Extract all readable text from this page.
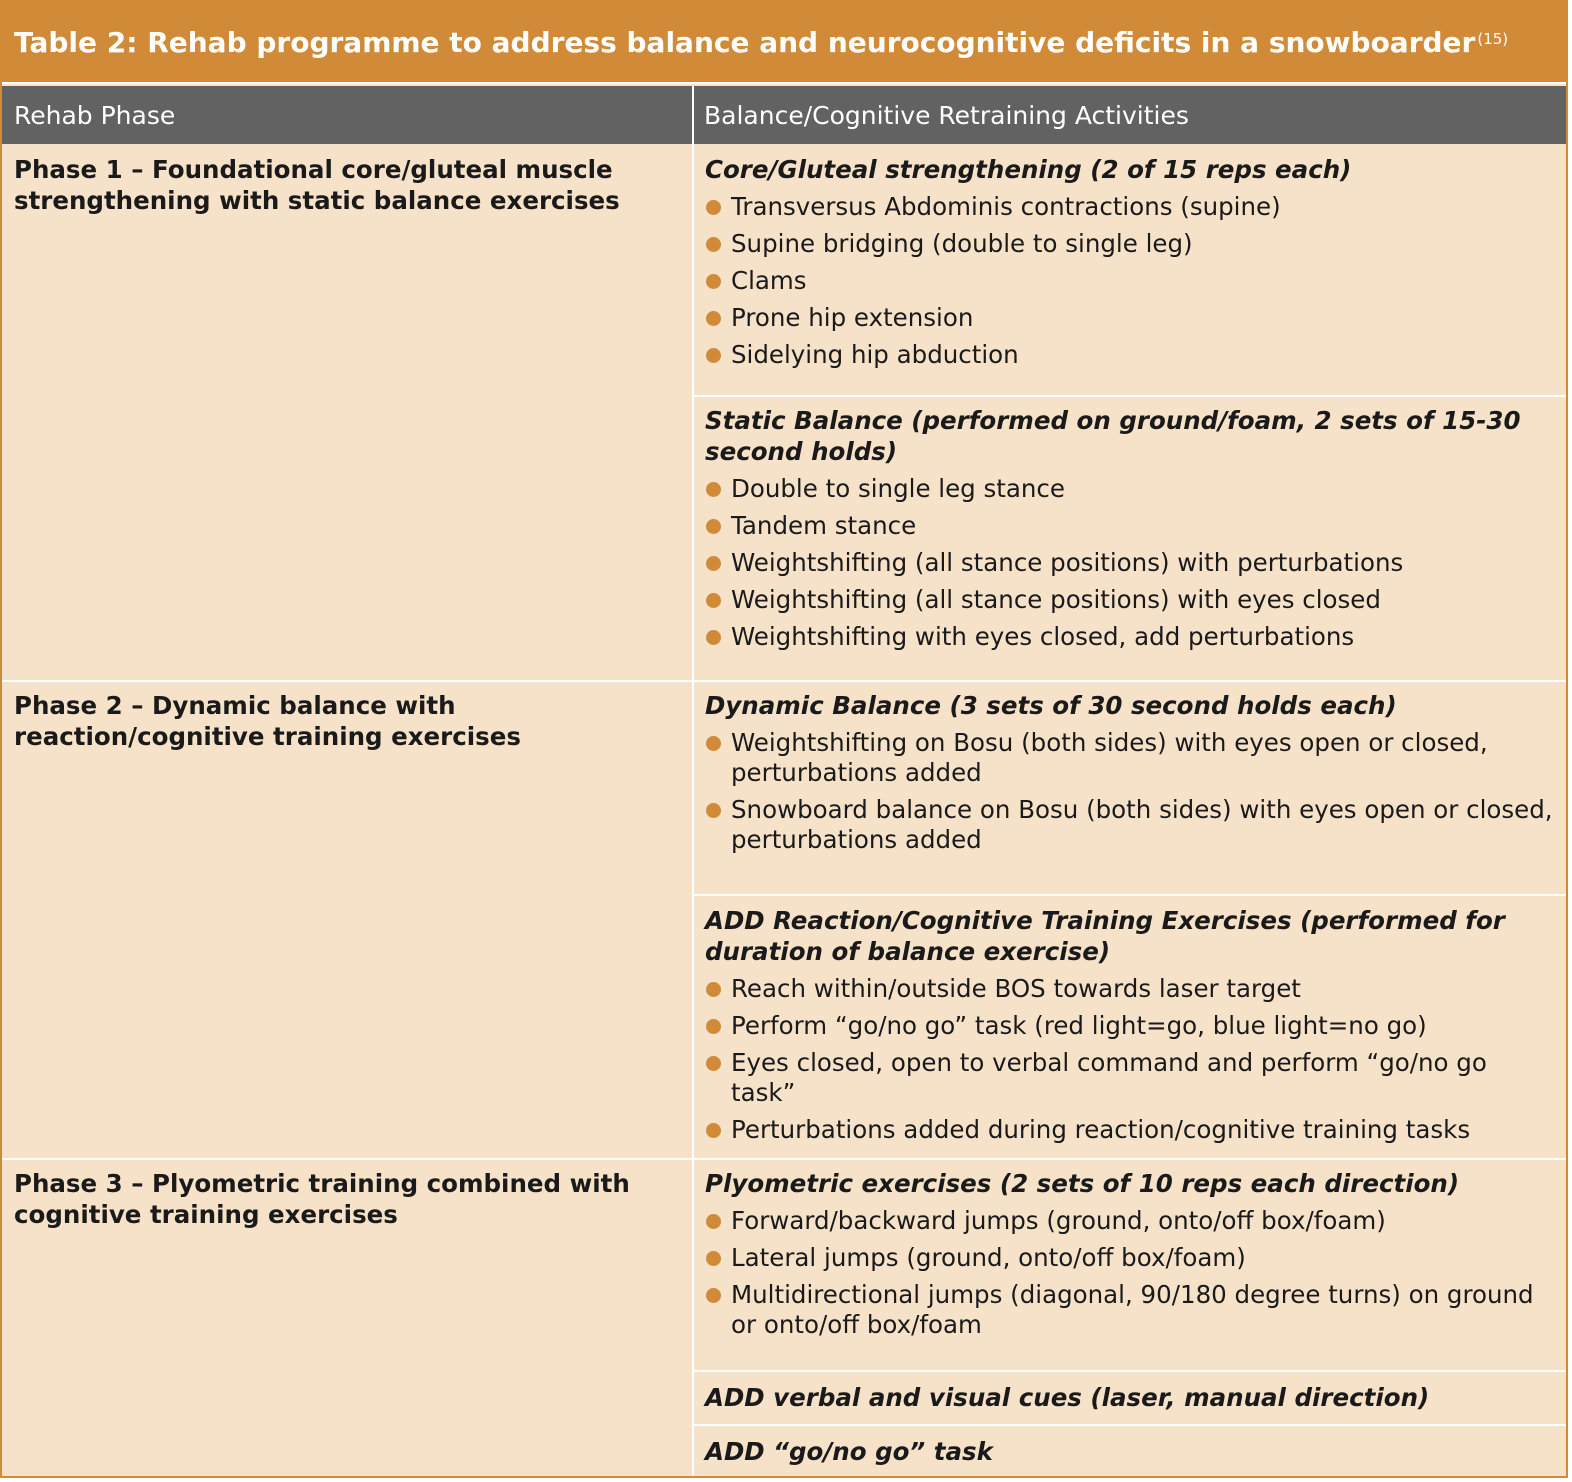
Table 2: Rehab programme to address balance and neurocognitive deficits in a snowboarder$^{(15)}$
Rehab Phase	Balance/Cognitive Retraining Activities
Phase 1 – Foundational core/gluteal muscle strengthening with static balance exercises
Core/Gluteal strengthening (2 of 15 reps each)
Transversus Abdominis contractions (supine)
Supine bridging (double to single leg)
Clams
Prone hip extension
Sidelying hip abduction
Static Balance (performed on ground/foam, 2 sets of 15-30 second holds)
Double to single leg stance
Tandem stance
Weightshifting (all stance positions) with perturbations
Weightshifting (all stance positions) with eyes closed
Weightshifting with eyes closed, add perturbations
Phase 2 – Dynamic balance with reaction/cognitive training exercises
Dynamic Balance (3 sets of 30 second holds each)
Weightshifting on Bosu (both sides) with eyes open or closed, perturbations added
Snowboard balance on Bosu (both sides) with eyes open or closed, perturbations added
ADD Reaction/Cognitive Training Exercises (performed for duration of balance exercise)
Reach within/outside BOS towards laser target
Perform “go/no go” task (red light=go, blue light=no go)
Eyes closed, open to verbal command and perform “go/no go task”
Perturbations added during reaction/cognitive training tasks
Phase 3 – Plyometric training combined with cognitive training exercises
Plyometric exercises (2 sets of 10 reps each direction)
Forward/backward jumps (ground, onto/off box/foam)
Lateral jumps (ground, onto/off box/foam)
Multidirectional jumps (diagonal, 90/180 degree turns) on ground or onto/off box/foam
ADD verbal and visual cues (laser, manual direction)
ADD “go/no go” task
